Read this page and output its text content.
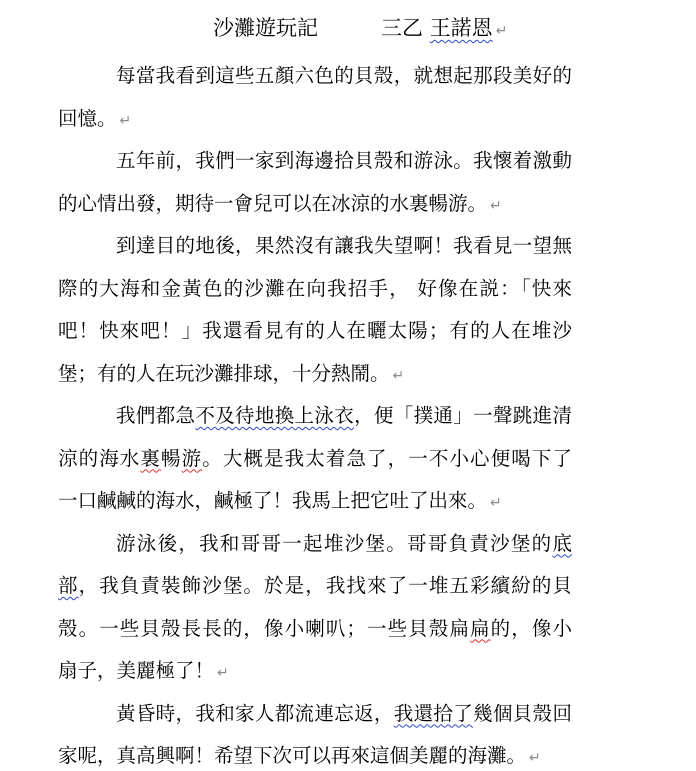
沙灘遊玩記	三乙 王諾恩 ↵
每當我看到這些五顏六色的貝殼，就想起那段美好的
回憶。 ↵
五年前，我們一家到海邊拾貝殼和游泳。我懷着激動
的心情出發，期待一會兒可以在冰涼的水裏暢游。 ↵
到達目的地後，果然沒有讓我失望啊！我看見一望無
際的大海和金黃色的沙灘在向我招手， 好像在説：「快來
吧！快來吧！」我還看見有的人在曬太陽；有的人在堆沙
堡；有的人在玩沙灘排球，十分熱鬧。 ↵
我們都急不及待地換上泳衣，便「撲通」一聲跳進清
涼的海水裏暢游。大概是我太着急了，一不小心便喝下了
一口鹹鹹的海水，鹹極了！我馬上把它吐了出來。 ↵
游泳後，我和哥哥一起堆沙堡。哥哥負責沙堡的底
部，我負責裝飾沙堡。於是，我找來了一堆五彩繽紛的貝
殼。一些貝殼長長的，像小喇叭；一些貝殼扁扁的，像小
扇子，美麗極了！ ↵
黃昏時，我和家人都流連忘返，我還拾了幾個貝殼回
家呢，真高興啊！希望下次可以再來這個美麗的海灘。 ↵
